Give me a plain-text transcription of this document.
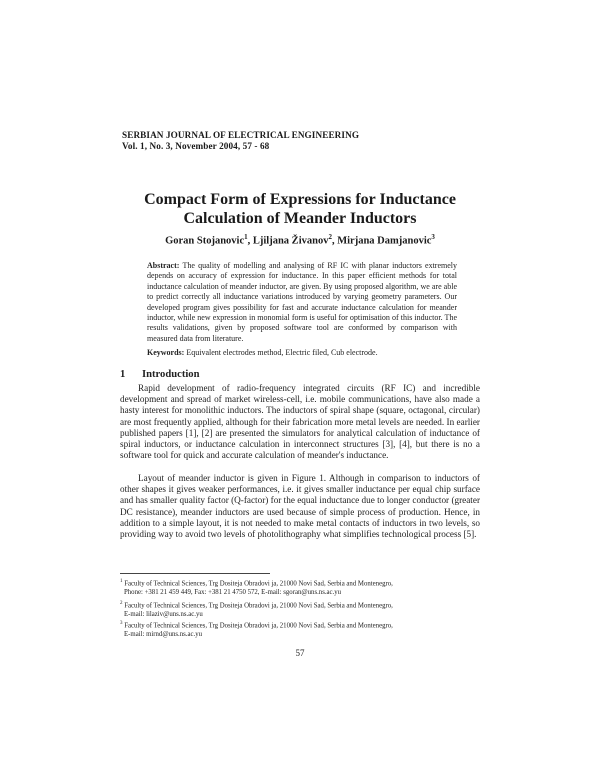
SERBIAN JOURNAL OF ELECTRICAL ENGINEERING
Vol. 1, No. 3, November 2004, 57 - 68
Compact Form of Expressions for Inductance
Calculation of Meander Inductors
Goran Stojanovic$^1$, Ljiljana Živanov$^2$, Mirjana Damjanovic$^3$
Abstract: The quality of modelling and analysing of RF IC with planar inductors extremely depends on accuracy of expression for inductance. In this paper efficient methods for total inductance calculation of meander inductor, are given. By using proposed algorithm, we are able to predict correctly all inductance variations introduced by varying geometry parameters. Our developed program gives possibility for fast and accurate inductance calculation for meander inductor, while new expression in monomial form is useful for optimisation of this inductor. The results validations, given by proposed software tool are conformed by comparison with measured data from literature.
Keywords: Equivalent electrodes method, Electric filed, Cub electrode.
1 Introduction

Rapid development of radio-frequency integrated circuits (RF IC) and incredible development and spread of market wireless-cell, i.e. mobile communications, have also made a hasty interest for monolithic inductors. The inductors of spiral shape (square, octagonal, circular) are most frequently applied, although for their fabrication more metal levels are needed. In earlier published papers [1], [2] are presented the simulators for analytical calculation of inductance of spiral inductors, or inductance calculation in interconnect structures [3], [4], but there is no a software tool for quick and accurate calculation of meander's inductance.

Layout of meander inductor is given in Figure 1. Although in comparison to inductors of other shapes it gives weaker performances, i.e. it gives smaller inductance per equal chip surface and has smaller quality factor (Q-factor) for the equal inductance due to longer conductor (greater DC resistance), meander inductors are used because of simple process of production. Hence, in addition to a simple layout, it is not needed to make metal contacts of inductors in two levels, so providing way to avoid two levels of photolithography what simplifies technological process [5].

$^1$ Faculty of Technical Sciences, Trg Dositeja Obradovi ja, 21000 Novi Sad, Serbia and Montenegro,
Phone: +381 21 459 449, Fax: +381 21 4750 572, E-mail: sgoran@uns.ns.ac.yu
$^2$ Faculty of Technical Sciences, Trg Dositeja Obradovi ja, 21000 Novi Sad, Serbia and Montenegro,
E-mail: lilaziv@uns.ns.ac.yu
$^3$ Faculty of Technical Sciences, Trg Dositeja Obradovi ja, 21000 Novi Sad, Serbia and Montenegro,
E-mail: mirnd@uns.ns.ac.yu
57
